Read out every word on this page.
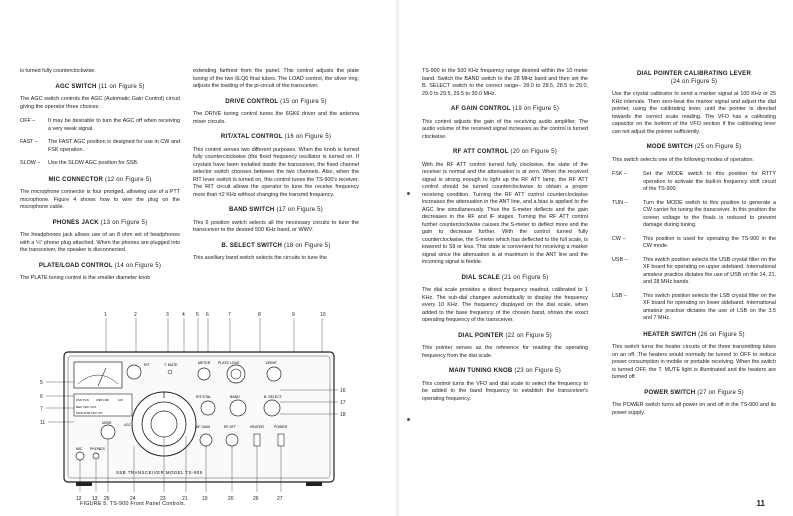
is turned fully counterclockwise.

AGC SWITCH (11 on Figure 5)

The AGC switch controls the AGC (Automatic Gain Control) circuit giving the operator three choices:

OFF –	It may be desirable to turn the AGC off when receiving a very weak signal.
FAST –	The FAST AGC position is designed for use in CW and FSK operation.
SLOW –	Use the SLOW AGC position for SSB.
MIC CONNECTOR (12 on Figure 5)

The microphone connector is four pronged, allowing use of a PTT microphone. Figure 4 shows how to wire the plug on the microphone cable.

PHONES JACK (13 on Figure 5)

The headphones jack allows use of an 8 ohm set of headphones with a ¼" phone plug attached. When the phones are plugged into the transceiver, the speaker is disconnected.

PLATE/LOAD CONTROL (14 on Figure 5)

The PLATE tuning control is the smaller diameter knob

extending farthest from the panel. This control adjusts the plate tuning of the two 6LQ6 final tubes. The LOAD control, the silver ring, adjusts the loading of the pi-circuit of the transceiver.

DRIVE CONTROL (15 on Figure 5)

The DRIVE tuning control tunes the 6GK6 driver and the antenna mixer circuits.

RIT/XTAL CONTROL (16 on Figure 5)

This control serves two different purposes. When the knob is turned fully counterclockwise (the fixed frequency oscillator is turned on. If crystals have been installed inside the transceiver, the fixed channel selector switch chooses between the two channels. Also, when the RIT lever switch is turned on, this control tunes the TS-900's receiver. The RIT circuit allows the operator to tune the receive frequency more than ±2 KHz without changing the transmit frequency.

BAND SWITCH (17 on Figure 5)

This 6 position switch selects all the necessary circuits to tune the transceiver to the desired 500 KHz band, or WWV.

B. SELECT SWITCH (18 on Figure 5)

This auxiliary band switch selects the circuits to tune the

1	2	3	4 5 6	7	8	9	10
RIT	T. MUTE	METER PLATE LOAD	DRIVE
FSK TUN USB LSB	CW
REC OFF VOX
MON MTR OFF ON
MODE	AGC
RIT/XTAL	BAND	B. SELECT
AF GAIN	RF ATT	HEATER	POWER
MIC PHONES
SSB TRANSCEIVER MODEL TS-900
5
6
7
11
16
17
18
12 13 25	24	23	21	19	20	26	27
FIGURE 5. TS-900 Front Panel Controls.

TS-900 to the 500 KHz frequency range desired within the 10 meter band. Switch the BAND switch to the 28 MHz band and then set the B. SELECT switch to the correct range– 28.0 to 28.5, 28.5 to 29.0, 29.0 to 29.5, 29.5 to 30.0 MHz.

AF GAIN CONTROL (19 on Figure 5)

This control adjusts the gain of the receiving audio amplifier. The audio volume of the received signal increases as the control is turned clockwise.

RF ATT CONTROL (20 on Figure 5)

With the RF ATT control turned fully clockwise, the state of the receiver is normal and the attenuation is at zero. When the received signal is strong enough to light up the RF ATT lamp, the RF ATT control should be turned counterclockwise to obtain a proper receiving condition. Turning the RF ATT control counterclockwise increases the attenuation in the ANT line, and a bias is applied to the AGC line simultaneously. Thus the S-meter deflects and the gain decreases in the RF and IF stages. Turning the RF ATT control further counterclockwise causes the S-meter to deflect more and the gain to decrease further. With the control turned fully counterclockwise, the S-meter which has deflected to the full scale, is lowered to S9 or less. This state is convenient for receiving a marker signal since the attenuation is at maximum in the ANT line and the incoming signal is feeble.

DIAL SCALE (21 on Figure 5)

The dial scale provides a direct frequency readout, calibrated to 1 KHz. The sub-dial changes automatically to display the frequency every 10 KHz. The frequency displayed on the dial scale, when added to the base frequency of the chosen band, shows the exact operating frequency of the transceiver.

DIAL POINTER (22 on Figure 5)

This pointer serves as the reference for reading the operating frequency from the dial scale.

MAIN TUNING KNOB (23 on Figure 5)

This control turns the VFO and dial scale to select the frequency to be added to the band frequency to establish the transceiver's operating frequency.

DIAL POINTER CALIBRATING LEVER
(24 on Figure 5)

Use the crystal calibrator to send a marker signal at 100 KHz or 25 KHz intervals. Then zero-beat the marker signal and adjust the dial pointer, using the calibrating lever, until the pointer is directed towards the correct scale reading. The VFO has a calibrating capacitor on the bottom of the VFO section if the calibrating lever can not adjust the pointer sufficiently.

MODE SWITCH (25 on Figure 5)

This switch selects one of the following modes of operation.

FSK –	Set the MODE switch to this position for RTTY operation to activate the built-in frequency shift circuit of the TS-900.
TUN –	Turn the MODE switch to this position to generate a CW carrier for tuning the transceiver. In this position the screen voltage to the finals is reduced to prevent damage during tuning.
CW –	This position is used for operating the TS-900 in the CW mode.
USB –	This switch position selects the USB crystal filter on the XF board for operating on upper sideband. International amateur practice dictates the use of USB on the 14, 21, and 28 MHz bands.
LSB –	This switch position selects the LSB crystal filter on the XF board for operating on lower sideband. International amateur practice dictates the use of LSB on the 3.5 and 7 MHz.
HEATER SWITCH (26 on Figure 5)

This switch turns the heater circuits of the three transmitting tubes on an off. The heaters would normally be turned to OFF to reduce power consumption in mobile or portable receiving. When the switch is turned OFF, the T. MUTE light is illuminated and the heaters are turned off.

POWER SWITCH (27 on Figure 5)

The POWER switch turns all power on and off in the TS-900 and its power supply.

11
